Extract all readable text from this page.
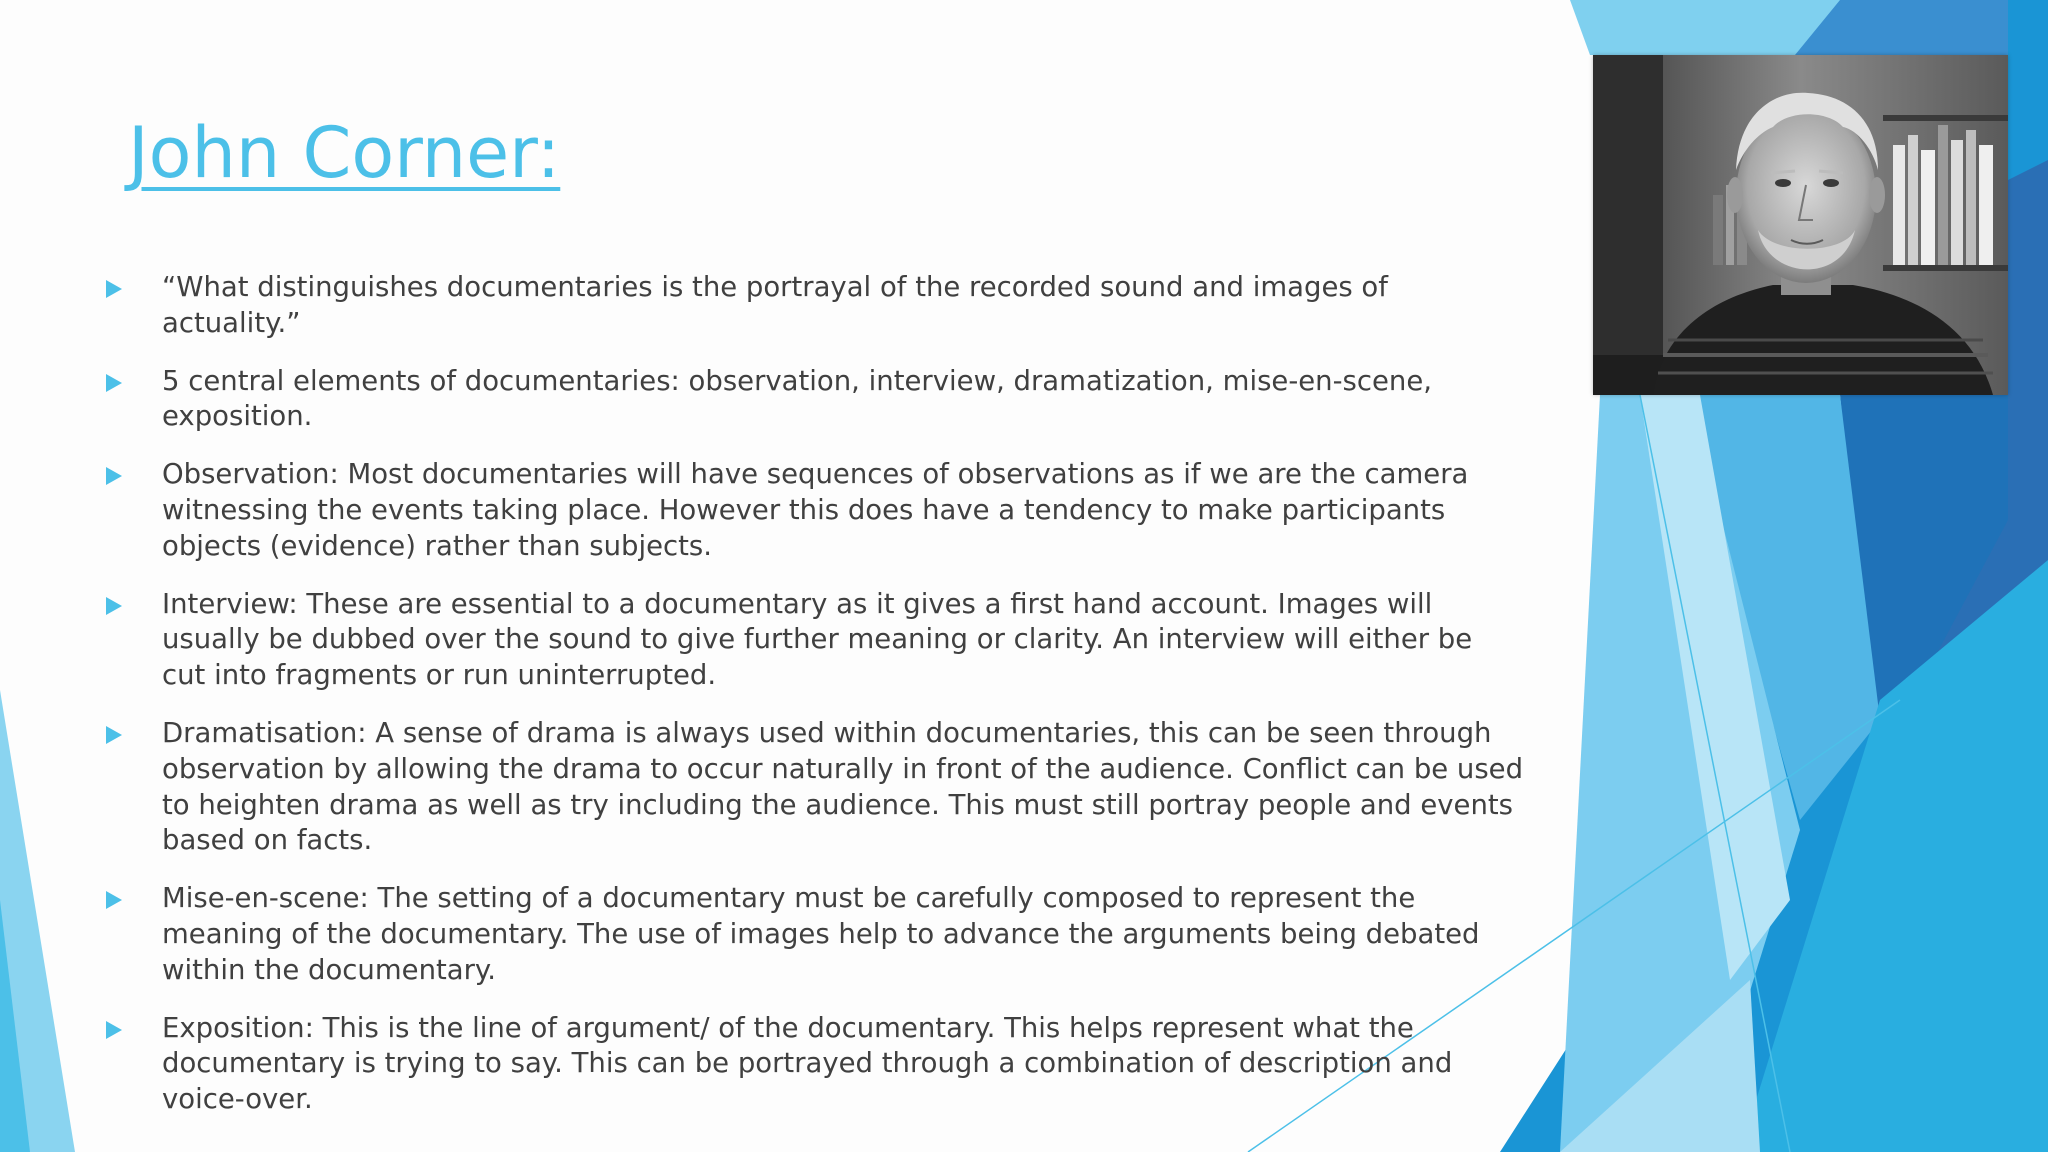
John Corner:
“What distinguishes documentaries is the portrayal of the recorded sound and images of actuality.”
5 central elements of documentaries: observation, interview, dramatization, mise-en-scene, exposition.
Observation: Most documentaries will have sequences of observations as if we are the camera witnessing the events taking place. However this does have a tendency to make participants objects (evidence) rather than subjects.
Interview: These are essential to a documentary as it gives a first hand account. Images will usually be dubbed over the sound to give further meaning or clarity. An interview will either be cut into fragments or run uninterrupted.
Dramatisation: A sense of drama is always used within documentaries, this can be seen through observation by allowing the drama to occur naturally in front of the audience. Conflict can be used to heighten drama as well as try including the audience. This must still portray people and events based on facts.
Mise-en-scene: The setting of a documentary must be carefully composed to represent the meaning of the documentary. The use of images help to advance the arguments being debated within the documentary.
Exposition: This is the line of argument/ of the documentary. This helps represent what the documentary is trying to say. This can be portrayed through a combination of description and voice-over.
